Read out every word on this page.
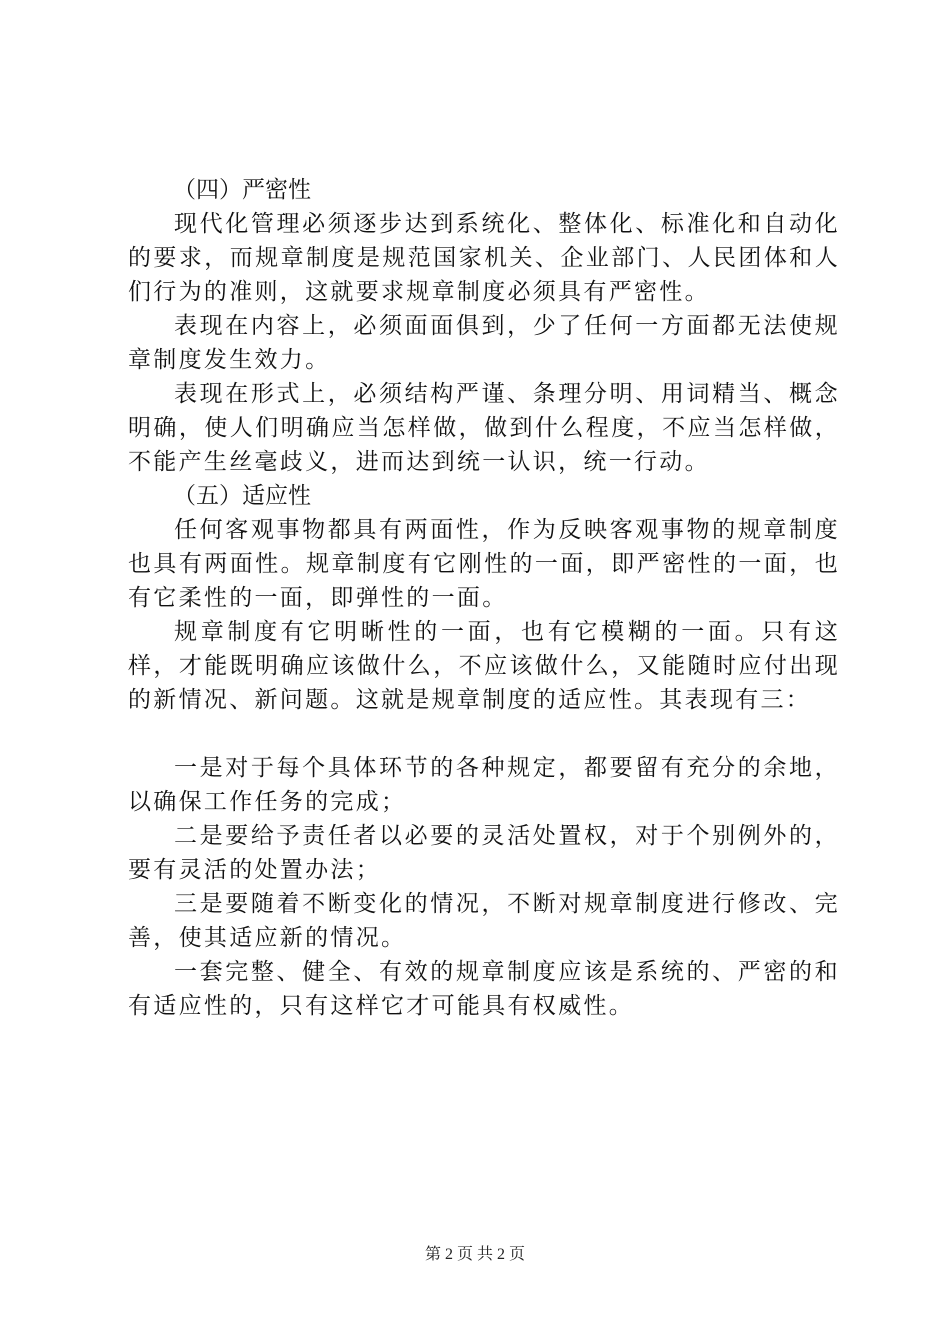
（四）严密性

现代化管理必须逐步达到系统化、整体化、标准化和自动化的要求，而规章制度是规范国家机关、企业部门、人民团体和人们行为的准则，这就要求规章制度必须具有严密性。

表现在内容上，必须面面俱到，少了任何一方面都无法使规章制度发生效力。

表现在形式上，必须结构严谨、条理分明、用词精当、概念明确，使人们明确应当怎样做，做到什么程度，不应当怎样做，不能产生丝毫歧义，进而达到统一认识，统一行动。

（五）适应性

任何客观事物都具有两面性，作为反映客观事物的规章制度也具有两面性。规章制度有它刚性的一面，即严密性的一面，也有它柔性的一面，即弹性的一面。

规章制度有它明晰性的一面，也有它模糊的一面。只有这样，才能既明确应该做什么，不应该做什么，又能随时应付出现的新情况、新问题。这就是规章制度的适应性。其表现有三：

一是对于每个具体环节的各种规定，都要留有充分的余地，以确保工作任务的完成；

二是要给予责任者以必要的灵活处置权，对于个别例外的，要有灵活的处置办法；

三是要随着不断变化的情况，不断对规章制度进行修改、完善，使其适应新的情况。

一套完整、健全、有效的规章制度应该是系统的、严密的和有适应性的，只有这样它才可能具有权威性。

第 2 页 共 2 页
